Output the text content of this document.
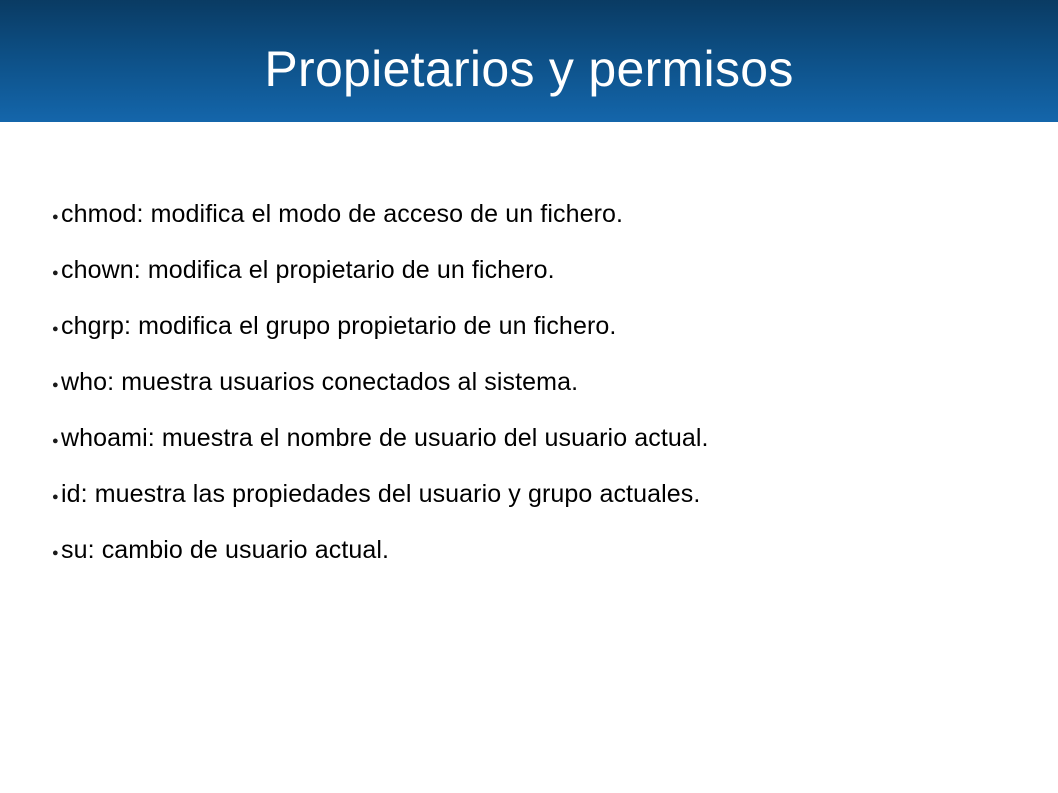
Propietarios y permisos
● chmod: modifica el modo de acceso de un fichero.
● chown: modifica el propietario de un fichero.
● chgrp: modifica el grupo propietario de un fichero.
● who: muestra usuarios conectados al sistema.
● whoami: muestra el nombre de usuario del usuario actual.
● id: muestra las propiedades del usuario y grupo actuales.
● su: cambio de usuario actual.
